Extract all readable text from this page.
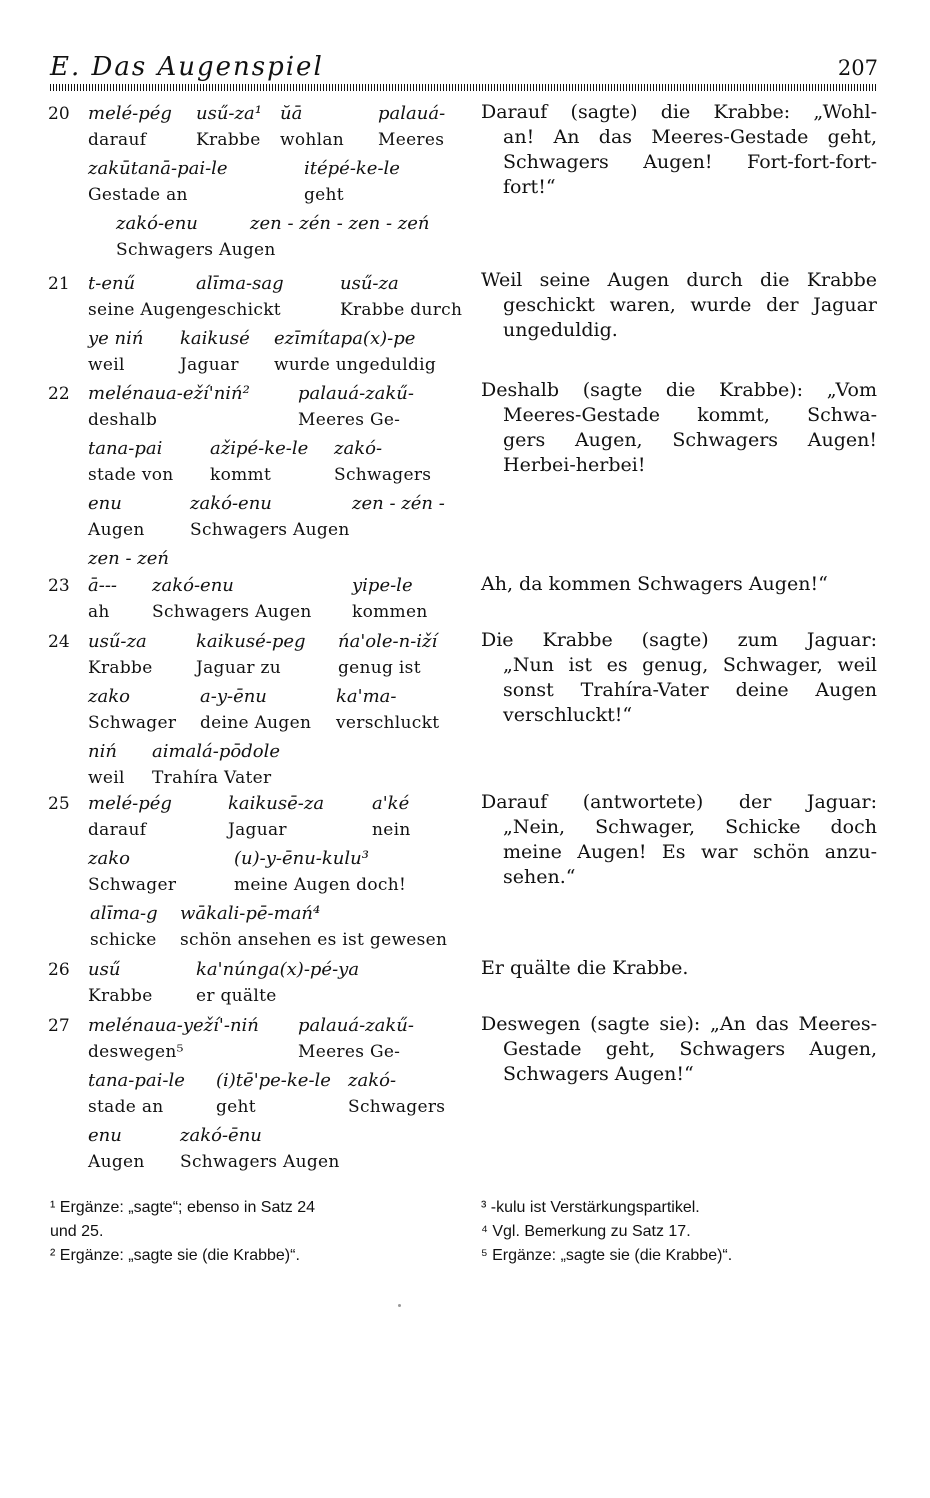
E. Das Augenspiel	207
20 melé-pég
darauf
usű-za¹
Krabbe
ŭā
wohlan
palauá-
Meeres
zakūtanā-pai-le
Gestade an
itépé-ke-le
geht
zakó-enu
Schwagers Augen
zen - zén - zen - zeń
21 t-enű
seine Augen
alīma-sag
geschickt
usű-za
Krabbe durch
ye niń
weil
kaikusé
Jaguar
ezīmítapa(x)-pe
wurde ungeduldig
22 melénaua-eží'niń²
deshalb
palauá-zakű-
Meeres Ge-
tana-pai
stade von
ažipé-ke-le
kommt
zakó-
Schwagers
enu
Augen
zakó-enu
Schwagers Augen
zen - zén -
zen - zeń
23 ā---
ah
zakó-enu
Schwagers Augen
yipe-le
kommen
24 usű-za
Krabbe
kaikusé-peg
Jaguar zu
ńa'ole-n-iží
genug ist
zako
Schwager
a-y-ēnu
deine Augen
ka'ma-
verschluckt
niń
weil
aimalá-pōdole
Trahíra Vater
25 melé-pég
darauf
kaikusē-za
Jaguar
a'ké
nein
zako
Schwager
(u)-y-ēnu-kulu³
meine Augen doch!
alīma-g
schicke
wākali-pē-mań⁴
schön ansehen es ist gewesen
26 usű
Krabbe
ka'núnga(x)-pé-ya
er quälte
27 melénaua-yeží'-niń
deswegen⁵
palauá-zakű-
Meeres Ge-
tana-pai-le
stade an
(i)tē'pe-ke-le
geht
zakó-
Schwagers
enu
Augen
zakó-ēnu
Schwagers Augen
Darauf (sagte) die Krabbe: „Wohl-
an! An das Meeres-Gestade geht,
Schwagers Augen! Fort-fort-fort-
fort!“
Weil seine Augen durch die Krabbe
geschickt waren, wurde der Jaguar
ungeduldig.
Deshalb (sagte die Krabbe): „Vom
Meeres-Gestade kommt, Schwa-
gers Augen, Schwagers Augen!
Herbei-herbei!
Ah, da kommen Schwagers Augen!“
Die Krabbe (sagte) zum Jaguar:
„Nun ist es genug, Schwager, weil
sonst Trahíra-Vater deine Augen
verschluckt!“
Darauf (antwortete) der Jaguar:
„Nein, Schwager, Schicke doch
meine Augen! Es war schön anzu-
sehen.“
Er quälte die Krabbe.
Deswegen (sagte sie): „An das Meeres-
Gestade geht, Schwagers Augen,
Schwagers Augen!“
¹ Ergänze: „sagte“; ebenso in Satz 24
und 25.
² Ergänze: „sagte sie (die Krabbe)“.
³ -kulu ist Verstärkungspartikel.
⁴ Vgl. Bemerkung zu Satz 17.
⁵ Ergänze: „sagte sie (die Krabbe)“.
